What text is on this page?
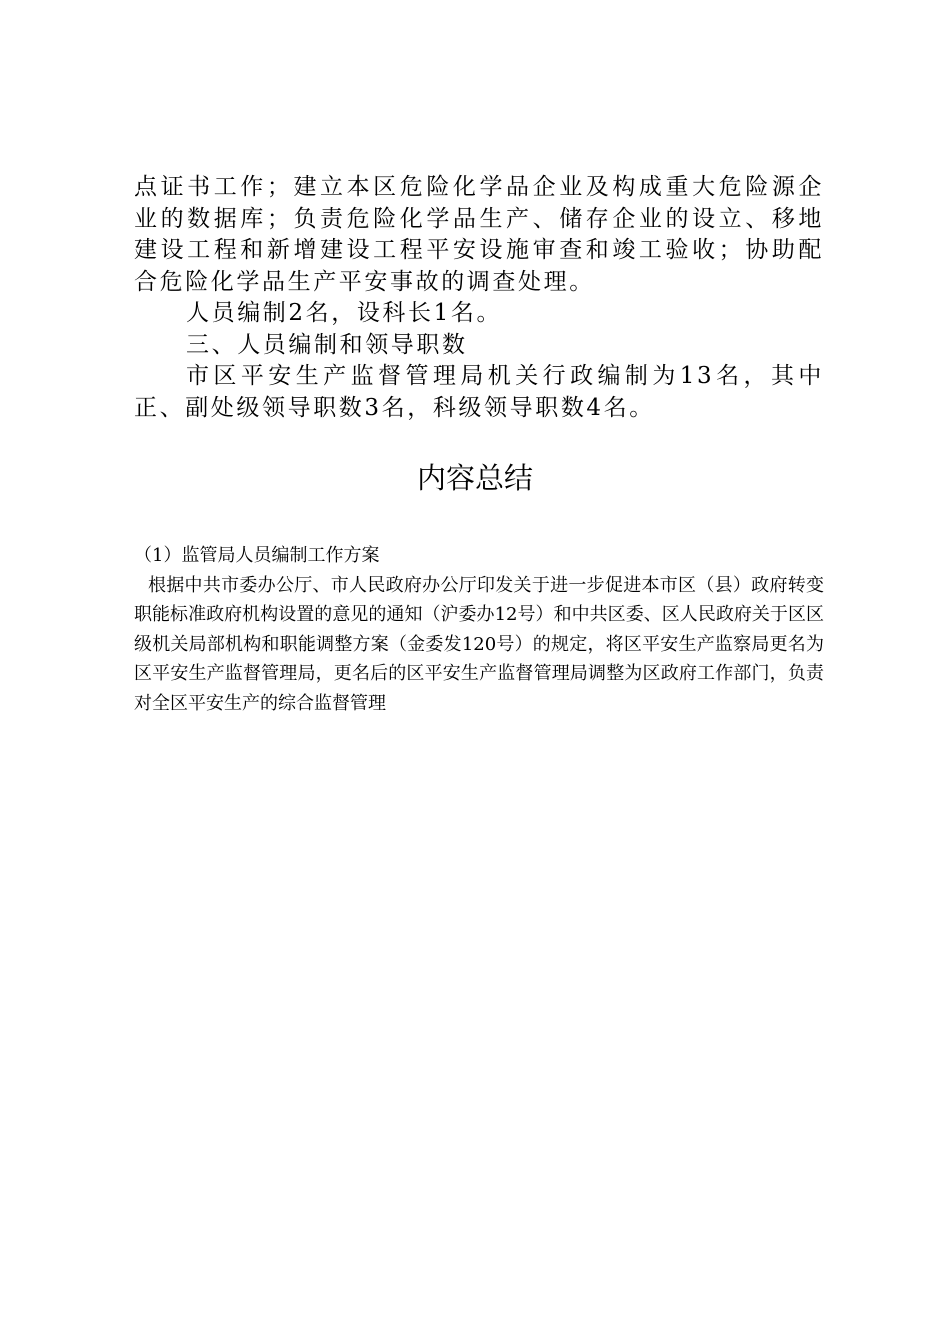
点证书工作；建立本区危险化学品企业及构成重大危险源企业的数据库；负责危险化学品生产、储存企业的设立、移地建设工程和新增建设工程平安设施审查和竣工验收；协助配合危险化学品生产平安事故的调查处理。

人员编制2名，设科长1名。

三、人员编制和领导职数

市区平安生产监督管理局机关行政编制为13名，其中正、副处级领导职数3名，科级领导职数4名。

内容总结

（1）监管局人员编制工作方案

根据中共市委办公厅、市人民政府办公厅印发关于进一步促进本市区（县）政府转变职能标准政府机构设置的意见的通知（沪委办12号）和中共区委、区人民政府关于区区级机关局部机构和职能调整方案（金委发120号）的规定，将区平安生产监察局更名为区平安生产监督管理局，更名后的区平安生产监督管理局调整为区政府工作部门，负责对全区平安生产的综合监督管理
